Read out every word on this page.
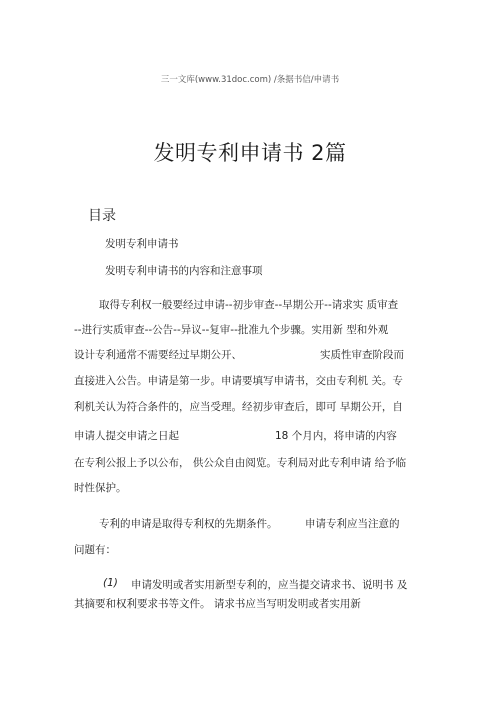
三一文库(www.31doc.com) /条据书信/申请书
发明专利申请书 2篇
目录
发明专利申请书
发明专利申请书的内容和注意事项
取得专利权一般要经过申请--初步审查--早期公开--请求实 质审查
--进行实质审查--公告--异议--复审--批准九个步骤。实用新 型和外观
设计专利通常不需要经过早期公开、	实质性审查阶段而
直接进入公告。申请是第一步。申请要填写申请书，交由专利机 关。专
利机关认为符合条件的，应当受理。经初步审查后，即可 早期公开，自
申请人提交申请之日起	18 个月内，将申请的内容
在专利公报上予以公布， 供公众自由阅览。专利局对此专利申请 给予临
时性保护。
专利的申请是取得专利权的先期条件。	申请专利应当注意的
问题有：
(1) 申请发明或者实用新型专利的，应当提交请求书、说明书 及
其摘要和权利要求书等文件。 请求书应当写明发明或者实用新
